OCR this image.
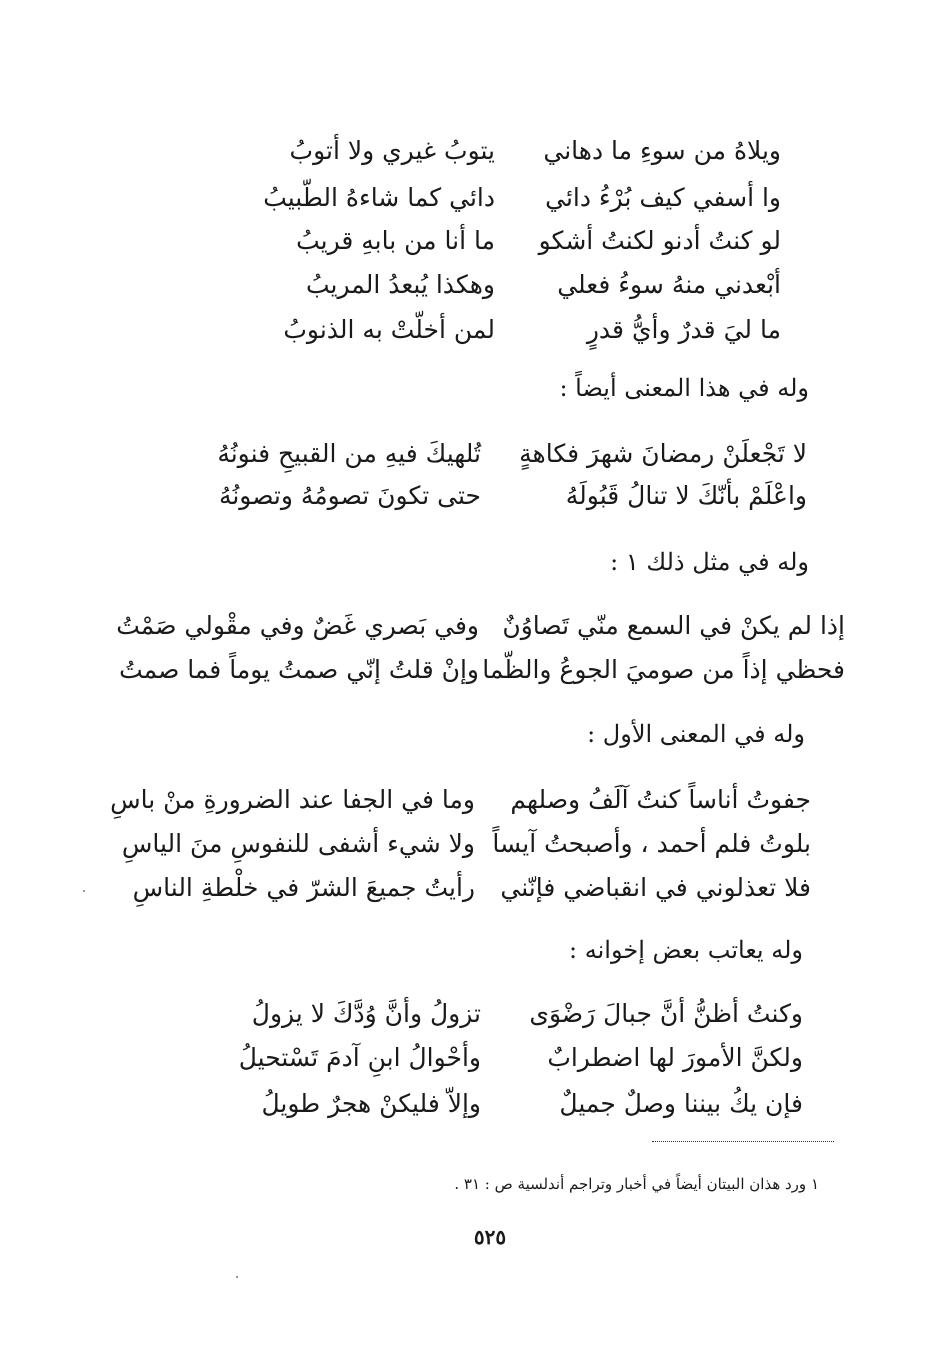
ويلاهُ من سوءِ ما دهاني
يتوبُ غيري ولا أتوبُ
وا أسفي كيف بُرْءُ دائي
دائي كما شاءهُ الطّبيبُ
لو كنتُ أدنو لكنتُ أشكو
ما أنا من بابهِ قريبُ
أبْعدني منهُ سوءُ فعلي
وهكذا يُبعدُ المريبُ
ما ليَ قدرٌ وأيُّ قدرٍ
لمن أخلّتْ به الذنوبُ
وله في هذا المعنى أيضاً :
لا تَجْعلَنْ رمضانَ شهرَ فكاهةٍ
تُلهيكَ فيهِ من القبيحِ فنونُهُ
واعْلَمْ بأنّكَ لا تنالُ قَبُولَهُ
حتى تكونَ تصومُهُ وتصونُهُ
وله في مثل ذلك ١ :
إذا لم يكنْ في السمع منّي تَصاوُنٌ
وفي بَصري غَضٌ وفي مقْولي صَمْتُ
فحظي إذاً من صوميَ الجوعُ والظّما
وإنْ قلتُ إنّي صمتُ يوماً فما صمتُ
وله في المعنى الأول :
جفوتُ أناساً كنتُ آلَفُ وصلهم
وما في الجفا عند الضرورةِ منْ باسِ
بلوتُ فلم أحمد ، وأصبحتُ آيساً
ولا شيء أشفى للنفوسِ منَ الياسِ
فلا تعذلوني في انقباضي فإنّني
رأيتُ جميعَ الشرّ في خلْطةِ الناسِ
وله يعاتب بعض إخوانه :
وكنتُ أظنُّ أنَّ جبالَ رَضْوَى
تزولُ وأنَّ وُدَّكَ لا يزولُ
ولكنَّ الأمورَ لها اضطرابٌ
وأحْوالُ ابنِ آدمَ تَسْتحيلُ
فإن يكُ بيننا وصلٌ جميلٌ
وإلاّ فليكنْ هجرٌ طويلُ
١ ورد هذان البيتان أيضاً في أخبار وتراجم أندلسية ص : ٣١ .
٥٢٥
